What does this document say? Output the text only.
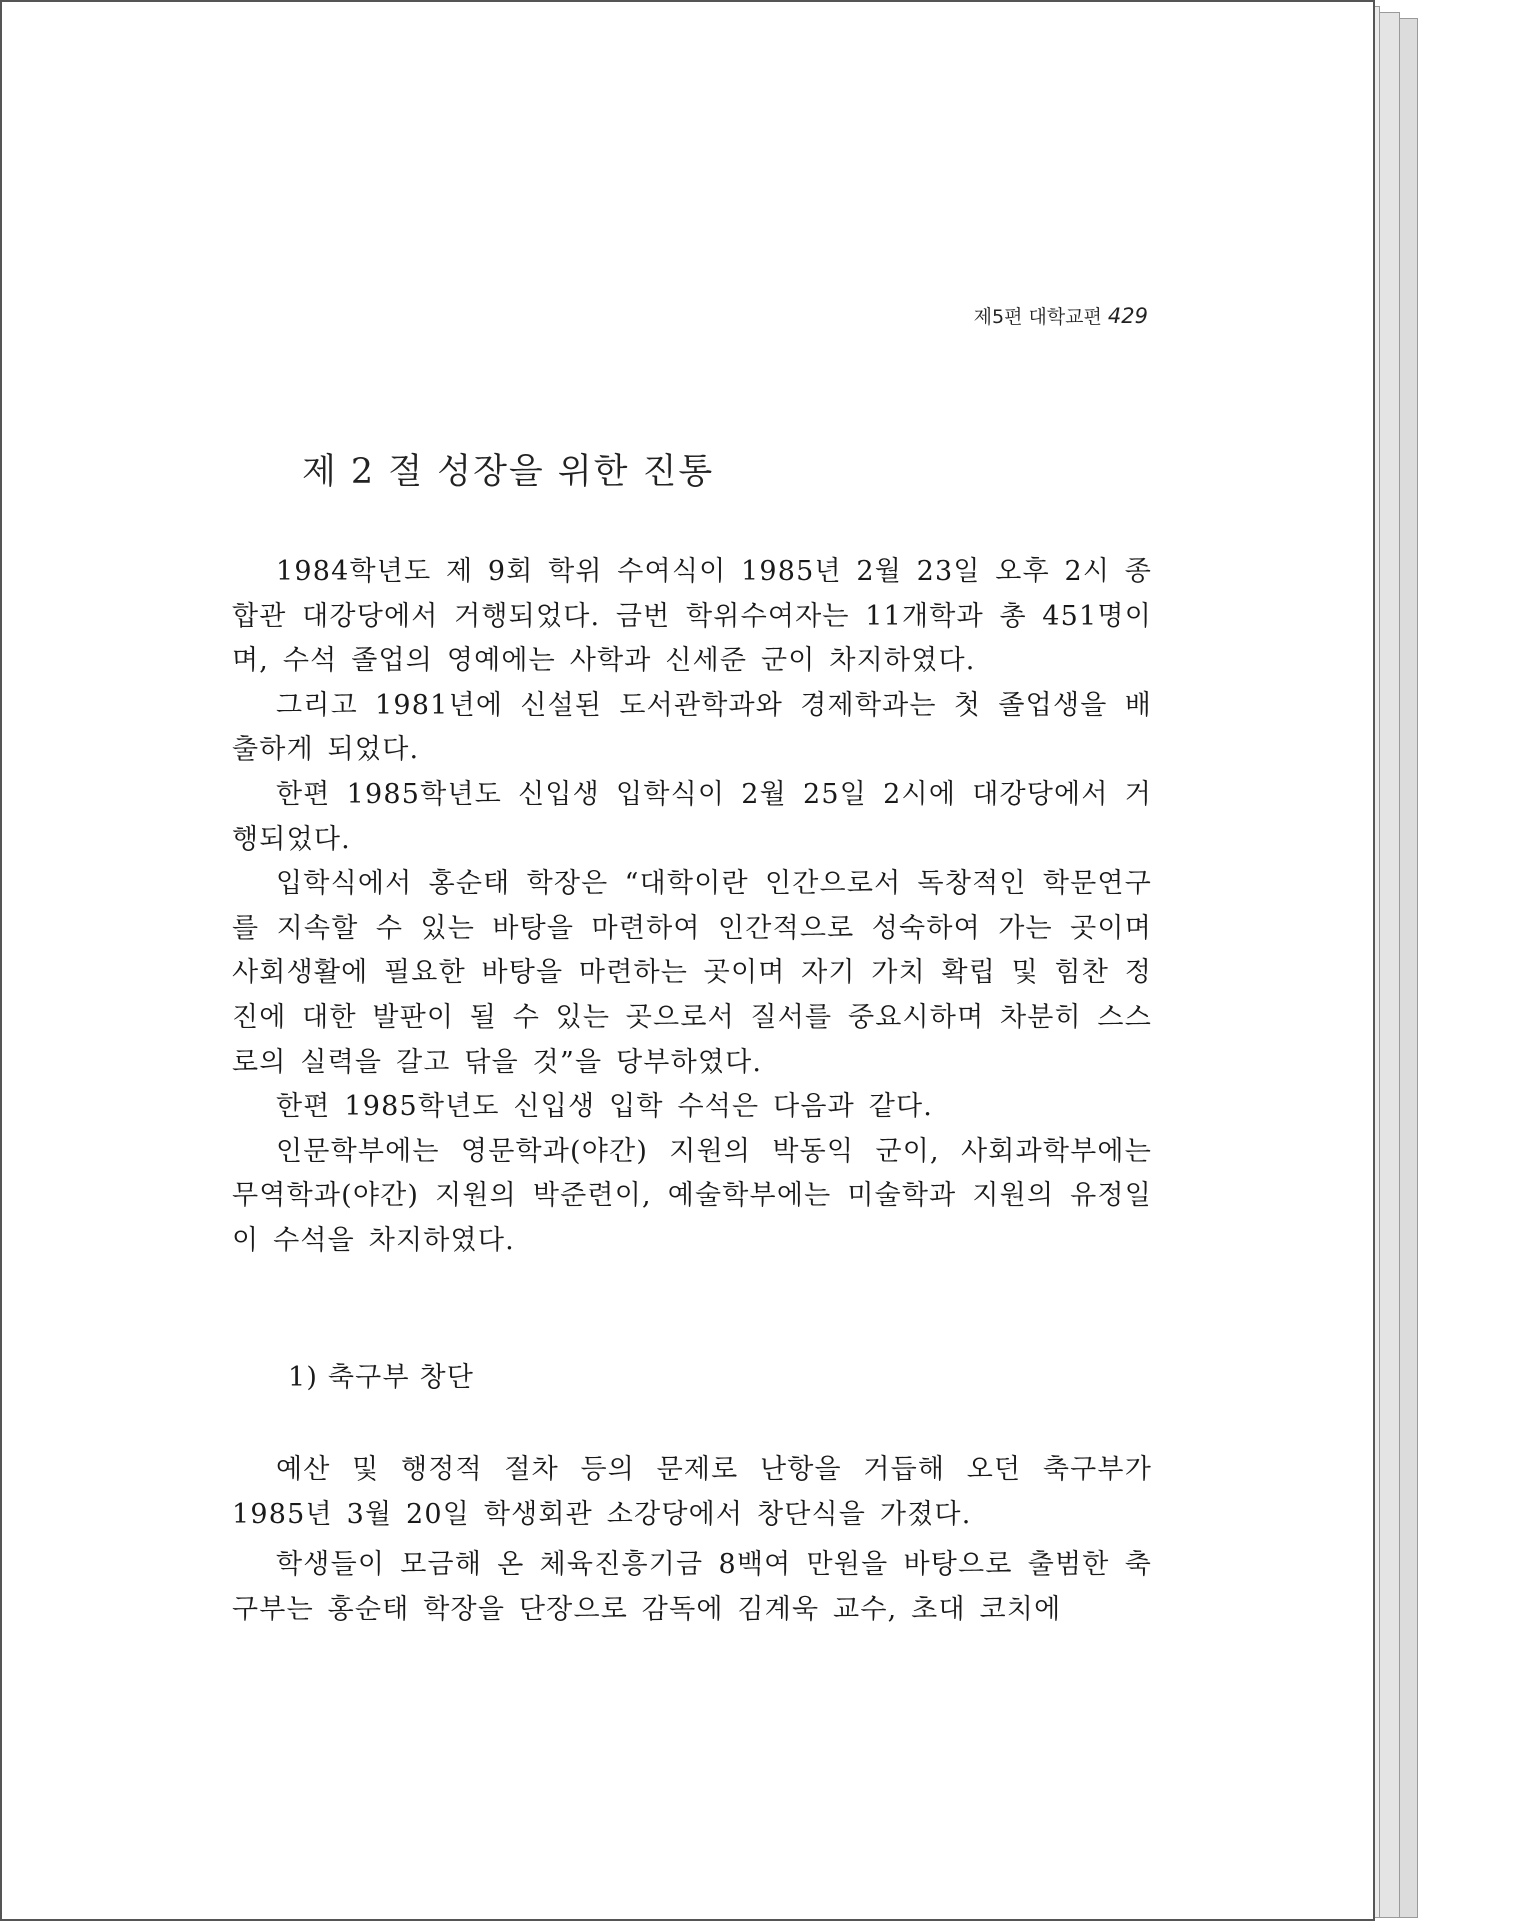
제5편 대학교편 429
제 2 절 성장을 위한 진통

1984학년도 제 9회 학위 수여식이 1985년 2월 23일 오후 2시 종합관 대강당에서 거행되었다. 금번 학위수여자는 11개학과 총 451명이며, 수석 졸업의 영예에는 사학과 신세준 군이 차지하였다.

그리고 1981년에 신설된 도서관학과와 경제학과는 첫 졸업생을 배출하게 되었다.

한편 1985학년도 신입생 입학식이 2월 25일 2시에 대강당에서 거행되었다.

입학식에서 홍순태 학장은 “대학이란 인간으로서 독창적인 학문연구를 지속할 수 있는 바탕을 마련하여 인간적으로 성숙하여 가는 곳이며 사회생활에 필요한 바탕을 마련하는 곳이며 자기 가치 확립 및 힘찬 정진에 대한 발판이 될 수 있는 곳으로서 질서를 중요시하며 차분히 스스로의 실력을 갈고 닦을 것”을 당부하였다.

한편 1985학년도 신입생 입학 수석은 다음과 같다.

인문학부에는 영문학과(야간) 지원의 박동익 군이, 사회과학부에는 무역학과(야간) 지원의 박준련이, 예술학부에는 미술학과 지원의 유정일이 수석을 차지하였다.

1) 축구부 창단

예산 및 행정적 절차 등의 문제로 난항을 거듭해 오던 축구부가 1985년 3월 20일 학생회관 소강당에서 창단식을 가졌다.

학생들이 모금해 온 체육진흥기금 8백여 만원을 바탕으로 출범한 축구부는 홍순태 학장을 단장으로 감독에 김계욱 교수, 초대 코치에
